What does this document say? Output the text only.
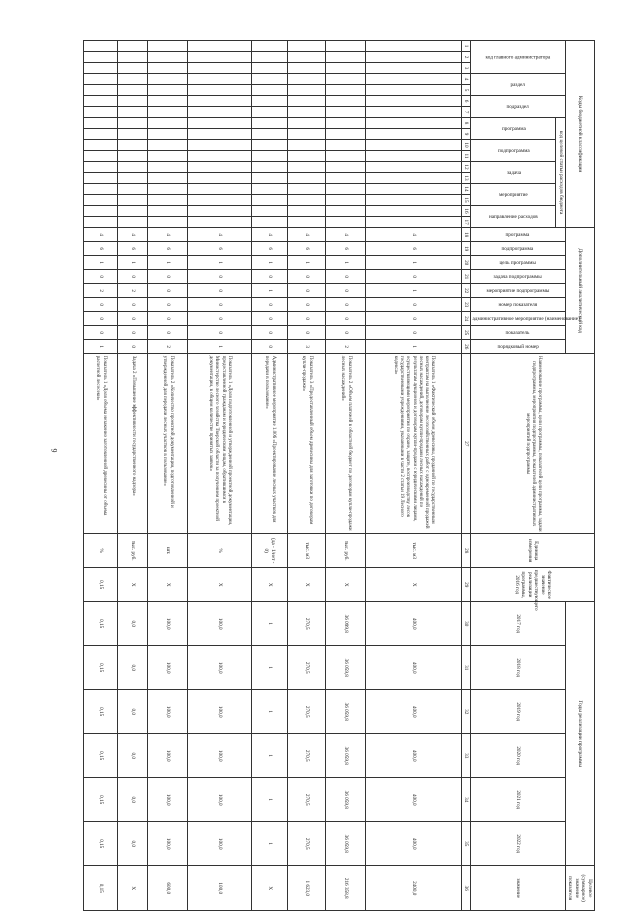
9
Коды бюджетной классификации																	Дополнительный аналитический код									Наименование программы, цели программы, показателей цели программы, задачи подпрограммы, мероприятия подпрограммы, показателей административных мероприятий подпрограммы	Единица измерения	Фактическое значение предшествующего реализации программы, 2016 год	Годы реализации программы						Целевое (суммарное) значение показателя	
код главного администратора			раздел		подраздел		код целевой статьи расходов бюджета										программа	подпрограмма	цель программы	задача подпрограммы	мероприятие подпрограммы	номер показателя	административное мероприятие (наименование)	показатель	порядковый номер				2017 год	2018 год	2019 год	2020 год	2021 год	2022 год	значение	
							программа		подпрограмма		задача		мероприятие		направление расходов																					
1	2	3	4	5	6	7	8	9	10	11	12	13	14	15	16	17	18	19	20	21	22	23	24	25	26	27	28	29	30	31	32	33	34	35	36	
																	4	6	1	0	1	0	0	0	1	Показатель 1 «Фактический объем древесины, проданной по государственным контрактам на выполнение лесохозяйственных работ с одновременной продажей лесных насаждений, договорам купли-продажи лесных насаждений по результатам аукционов и договорам купли-продажи с юридическими лицами, осуществляющими мероприятия по охране, защите, воспроизводству лесов государственными учреждениями, указанными в части 2 статьи 19 Лесного кодекса»	тыс. м3	Х	400,0	400,0	400,0	400,0	400,0	400,0	2400,0	
																	4	6	1	0	0	0	0	0	2	Показатель 2 «Объем платежей в областной бюджет по договорам купли-продажи лесных насаждений»	тыс. руб.	Х	36 099,8	36 059,8	36 059,8	36 059,8	36 059,8	36 059,8	216 358,8	
																	4	6	1	0	0	0	0	0	3	Показатель 3 «Предоставленный объем древесины для заготовки по договорам купли-продажи»	тыс. м3	Х	270,5	270,5	270,5	270,5	270,5	270,5	1 623,0	
																	4	6	1	0	1	0	0	0	0	Административное мероприятие 1.006 «Проектирование лесных участков для передачи в пользование»	(да - 1/нет - 0)	Х	1	1	1	1	1	1	Х	
																	4	6	1	0	0	0	0	0	1	Показатель 1 «Доля подготовленной и утвержденной проектной документации, предоставленной гражданам и юридическим лицам, обратившимся в Министерство лесного хозяйства Тверской области за получением проектной документации, в общем количестве принятых заявок»	%	Х	100,0	100,0	100,0	100,0	100,0	100,0	100,0	
																	4	6	1	0	0	0	0	0	2	Показатель 2 «Количество проектной документации, подготовленной и утвержденной для передачи лесных участков в пользование»	шт.	Х	100,0	100,0	100,0	100,0	100,0	100,0	600,0	
																	4	6	1	0	2	0	0	0	0	Задача 2 «Повышение эффективности государственного надзора»	тыс. руб.	Х	0,0	0,0	0,0	0,0	0,0	0,0	Х	
																	4	6	1	0	2	0	0	0	1	Показатель 1 «Доля объема незаконно заготовленной древесины от объема расчетной лесосеки»	%	0,15	0,15	0,15	0,15	0,15	0,15	0,15	0,15	
